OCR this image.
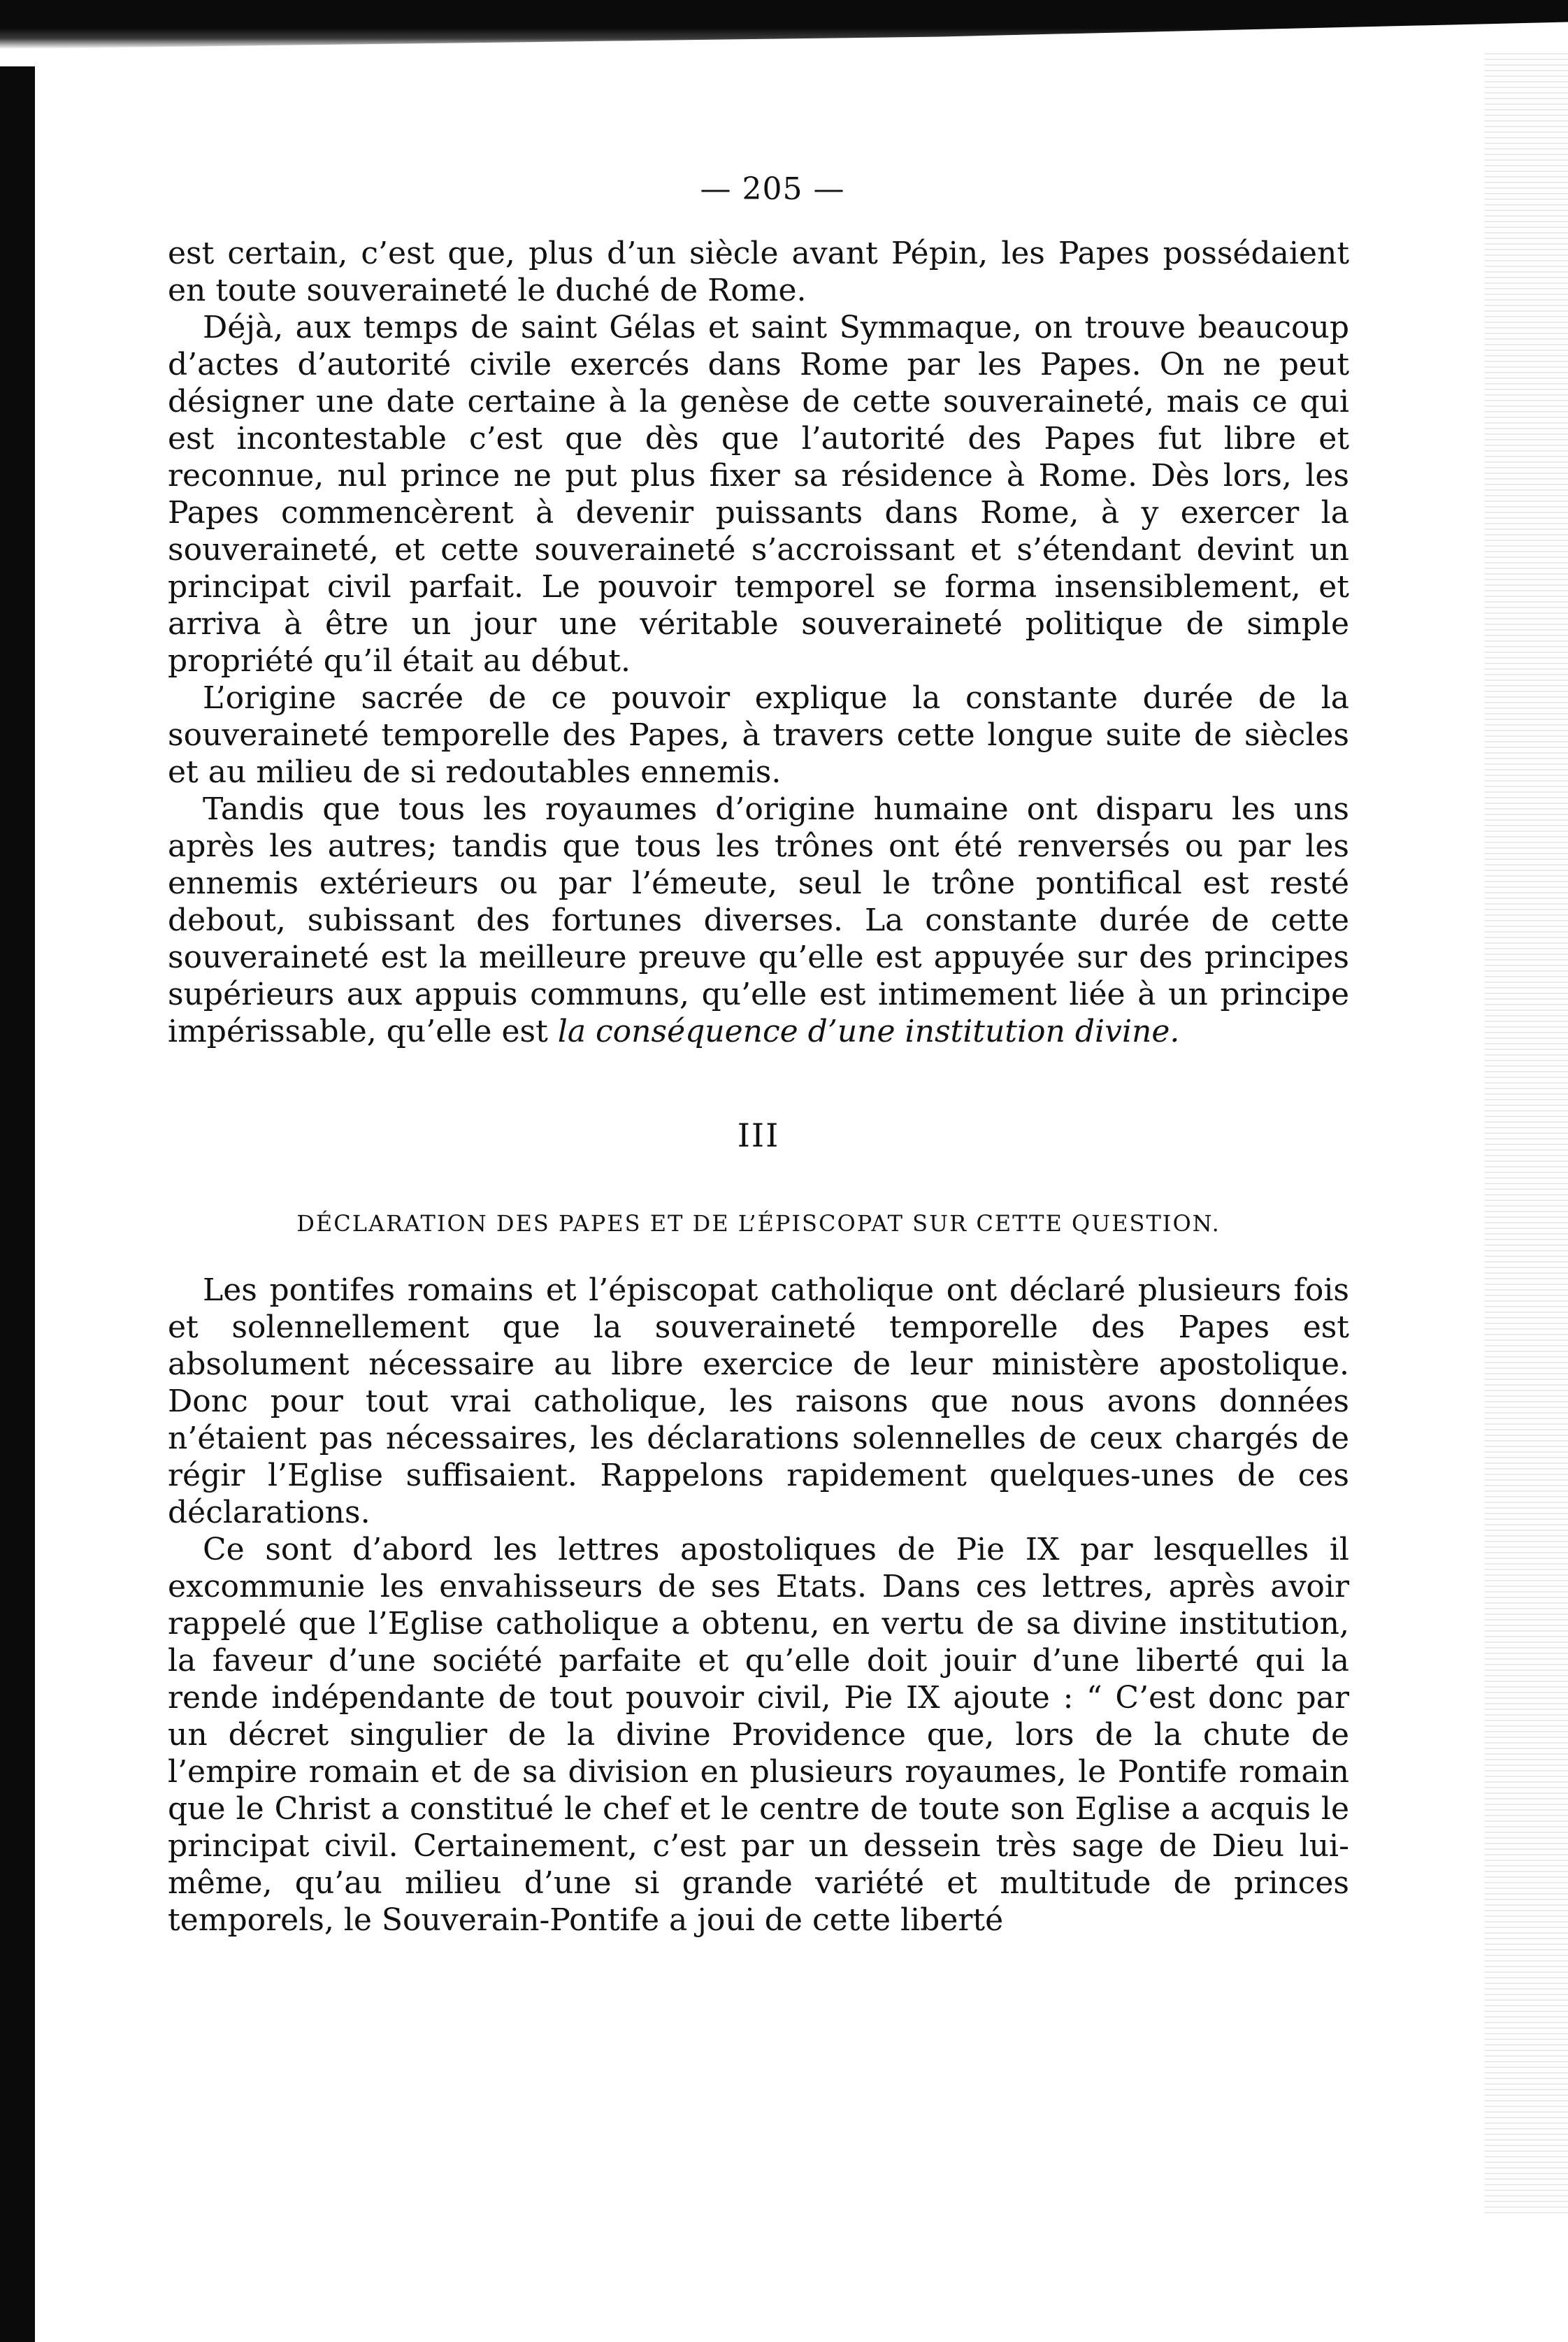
— 205 —

est certain, c’est que, plus d’un siècle avant Pépin, les Papes possédaient en toute souveraineté le duché de Rome.

Déjà, aux temps de saint Gélas et saint Symmaque, on trouve beaucoup d’actes d’autorité civile exercés dans Rome par les Papes. On ne peut désigner une date certaine à la genèse de cette souveraineté, mais ce qui est incontestable c’est que dès que l’autorité des Papes fut libre et reconnue, nul prince ne put plus fixer sa résidence à Rome. Dès lors, les Papes commencèrent à devenir puissants dans Rome, à y exercer la souveraineté, et cette souveraineté s’accroissant et s’étendant devint un principat civil parfait. Le pouvoir temporel se forma insensiblement, et arriva à être un jour une véritable souveraineté politique de simple propriété qu’il était au début.

L’origine sacrée de ce pouvoir explique la constante durée de la souveraineté temporelle des Papes, à travers cette longue suite de siècles et au milieu de si redoutables ennemis.

Tandis que tous les royaumes d’origine humaine ont disparu les uns après les autres; tandis que tous les trônes ont été renversés ou par les ennemis extérieurs ou par l’émeute, seul le trône pontifical est resté debout, subissant des fortunes diverses. La constante durée de cette souveraineté est la meilleure preuve qu’elle est appuyée sur des principes supérieurs aux appuis communs, qu’elle est intimement liée à un principe impérissable, qu’elle est la conséquence d’une institution divine.

III
DÉCLARATION DES PAPES ET DE L’ÉPISCOPAT SUR CETTE QUESTION.

Les pontifes romains et l’épiscopat catholique ont déclaré plusieurs fois et solennellement que la souveraineté temporelle des Papes est absolument nécessaire au libre exercice de leur ministère apostolique. Donc pour tout vrai catholique, les raisons que nous avons données n’étaient pas nécessaires, les déclarations solennelles de ceux chargés de régir l’Eglise suffisaient. Rappelons rapidement quelques-unes de ces déclarations.

Ce sont d’abord les lettres apostoliques de Pie IX par lesquelles il excommunie les envahisseurs de ses Etats. Dans ces lettres, après avoir rappelé que l’Eglise catholique a obtenu, en vertu de sa divine institution, la faveur d’une société parfaite et qu’elle doit jouir d’une liberté qui la rende indépendante de tout pouvoir civil, Pie IX ajoute : “ C’est donc par un décret singulier de la divine Providence que, lors de la chute de l’empire romain et de sa division en plusieurs royaumes, le Pontife romain que le Christ a constitué le chef et le centre de toute son Eglise a acquis le principat civil. Certainement, c’est par un dessein très sage de Dieu lui-même, qu’au milieu d’une si grande variété et multitude de princes temporels, le Souverain-Pontife a joui de cette liberté
